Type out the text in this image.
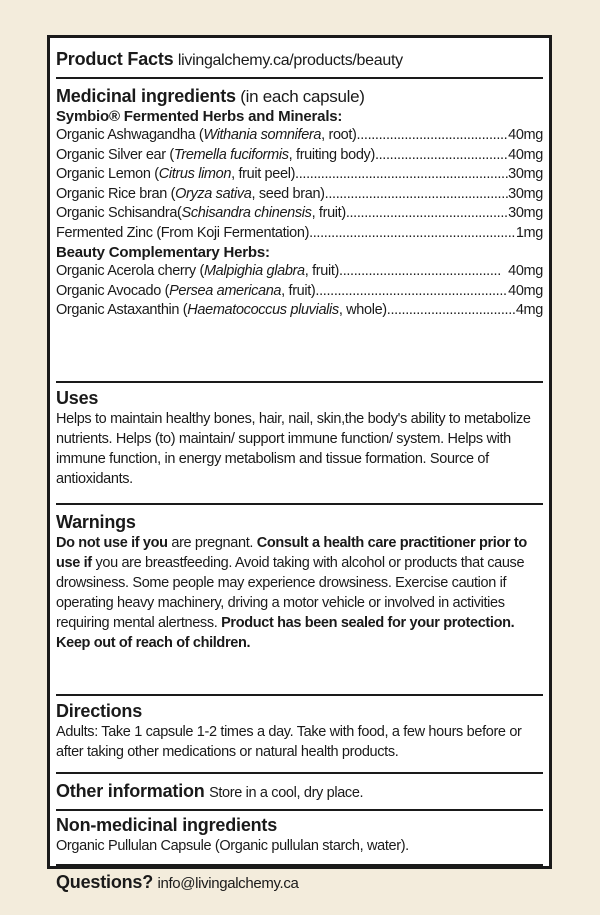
Product Facts livingalchemy.ca/products/beauty
Medicinal ingredients (in each capsule)
Symbio® Fermented Herbs and Minerals:
Organic Ashwagandha (Withania somnifera, root) .....	40mg
Organic Silver ear (Tremella fuciformis, fruiting body) .....	40mg
Organic Lemon (Citrus limon, fruit peel) .....	30mg
Organic Rice bran (Oryza sativa, seed bran) .....	30mg
Organic Schisandra(Schisandra chinensis, fruit) .....	30mg
Fermented Zinc (From Koji Fermentation) .....	1mg
Beauty Complementary Herbs:
Organic Acerola cherry (Malpighia glabra, fruit) .....	40mg
Organic Avocado (Persea americana, fruit) .....	40mg
Organic Astaxanthin (Haematococcus pluvialis, whole) .....	4mg
Uses
Helps to maintain healthy bones, hair, nail, skin,the body's ability to metabolize nutrients. Helps (to) maintain/ support immune function/ system. Helps with immune function, in energy metabolism and tissue formation. Source of antioxidants.
Warnings
Do not use if you are pregnant. Consult a health care practitioner prior to use if you are breastfeeding. Avoid taking with alcohol or products that cause drowsiness. Some people may experience drowsiness. Exercise caution if operating heavy machinery, driving a motor vehicle or involved in activities requiring mental alertness. Product has been sealed for your protection. Keep out of reach of children.
Directions
Adults: Take 1 capsule 1-2 times a day. Take with food, a few hours before or after taking other medications or natural health products.
Other information Store in a cool, dry place.
Non-medicinal ingredients
Organic Pullulan Capsule (Organic pullulan starch, water).
Questions? info@livingalchemy.ca
